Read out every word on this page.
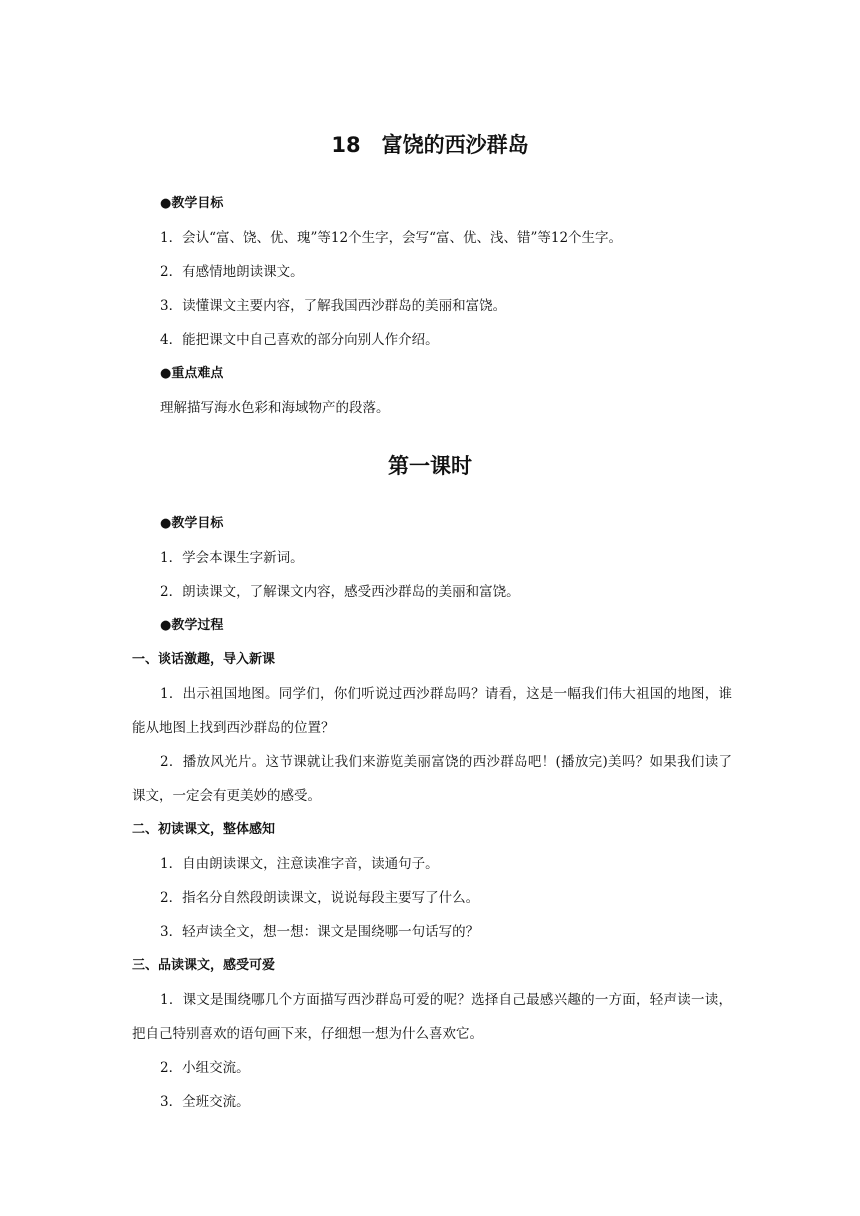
18　富饶的西沙群岛
● 教学目标

1．会认“富、饶、优、瑰”等12个生字，会写“富、优、浅、错”等12个生字。

2．有感情地朗读课文。

3．读懂课文主要内容，了解我国西沙群岛的美丽和富饶。

4．能把课文中自己喜欢的部分向别人作介绍。

● 重点难点

理解描写海水色彩和海域物产的段落。

第一课时
● 教学目标

1．学会本课生字新词。

2．朗读课文，了解课文内容，感受西沙群岛的美丽和富饶。

● 教学过程
一、谈话激趣，导入新课

1．出示祖国地图。同学们，你们听说过西沙群岛吗？请看，这是一幅我们伟大祖国的地图，谁能从地图上找到西沙群岛的位置？

2．播放风光片。这节课就让我们来游览美丽富饶的西沙群岛吧！(播放完)美吗？如果我们读了课文，一定会有更美妙的感受。

二、初读课文，整体感知

1．自由朗读课文，注意读准字音，读通句子。

2．指名分自然段朗读课文，说说每段主要写了什么。

3．轻声读全文，想一想：课文是围绕哪一句话写的？

三、品读课文，感受可爱

1．课文是围绕哪几个方面描写西沙群岛可爱的呢？选择自己最感兴趣的一方面，轻声读一读，把自己特别喜欢的语句画下来，仔细想一想为什么喜欢它。

2．小组交流。

3．全班交流。
